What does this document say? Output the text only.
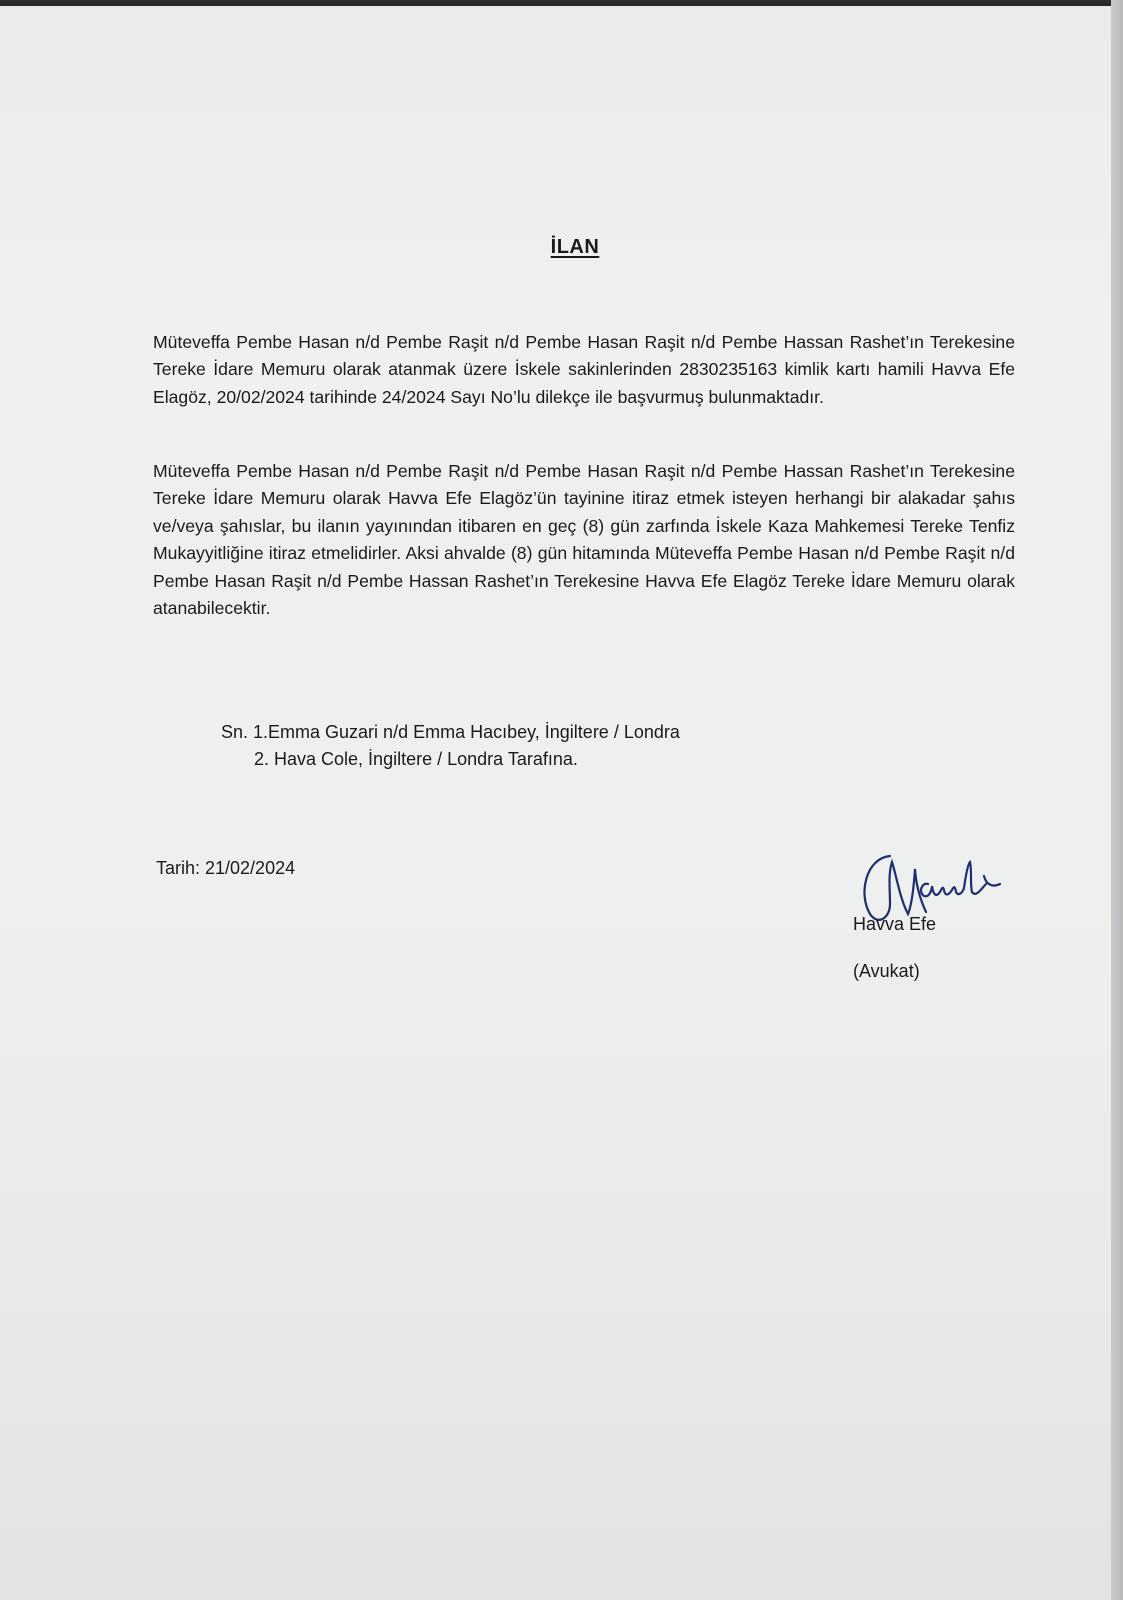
İLAN

Müteveffa Pembe Hasan n/d Pembe Raşit n/d Pembe Hasan Raşit n/d Pembe Hassan Rashet’ın Terekesine Tereke İdare Memuru olarak atanmak üzere İskele sakinlerinden 2830235163 kimlik kartı hamili Havva Efe Elagöz, 20/02/2024 tarihinde 24/2024 Sayı No’lu dilekçe ile başvurmuş bulunmaktadır.

Müteveffa Pembe Hasan n/d Pembe Raşit n/d Pembe Hasan Raşit n/d Pembe Hassan Rashet’ın Terekesine Tereke İdare Memuru olarak Havva Efe Elagöz’ün tayinine itiraz etmek isteyen herhangi bir alakadar şahıs ve/veya şahıslar, bu ilanın yayınından itibaren en geç (8) gün zarfında İskele Kaza Mahkemesi Tereke Tenfiz Mukayyitliğine itiraz etmelidirler. Aksi ahvalde (8) gün hitamında Müteveffa Pembe Hasan n/d Pembe Raşit n/d Pembe Hasan Raşit n/d Pembe Hassan Rashet’ın Terekesine Havva Efe Elagöz Tereke İdare Memuru olarak atanabilecektir.

Sn. 1.Emma Guzari n/d Emma Hacıbey, İngiltere / Londra
2. Hava Cole, İngiltere / Londra Tarafına.
Tarih: 21/02/2024
Havva Efe
(Avukat)
